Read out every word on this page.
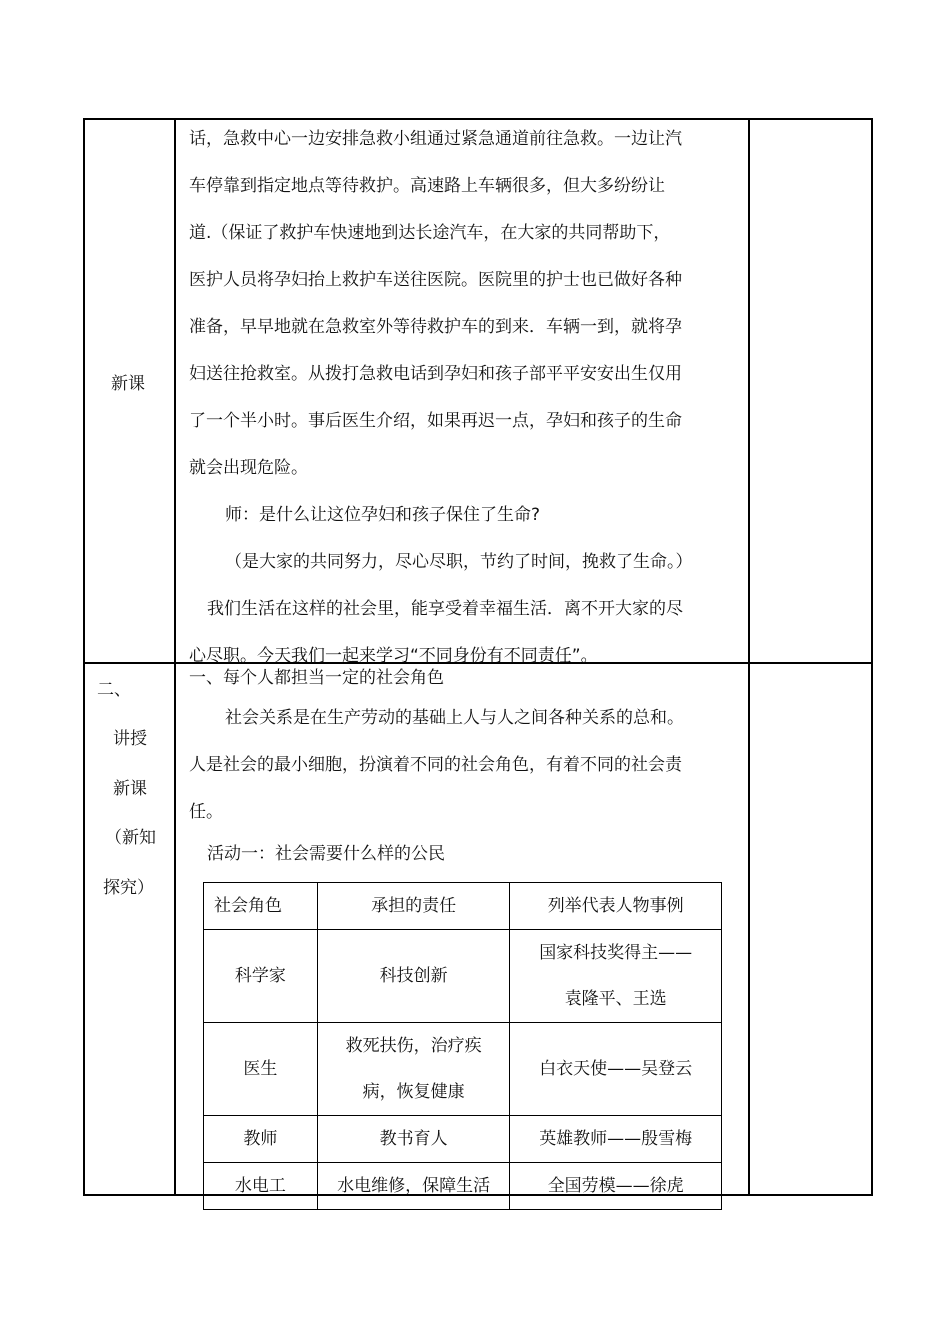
新课

话，急救中心一边安排急救小组通过紧急通道前往急救。一边让汽

车停靠到指定地点等待救护。高速路上车辆很多，但大多纷纷让

道.（保证了救护车快速地到达长途汽车，在大家的共同帮助下，

医护人员将孕妇抬上救护车送往医院。医院里的护士也已做好各种

准备，早早地就在急救室外等待救护车的到来．车辆一到，就将孕

妇送往抢救室。从拨打急救电话到孕妇和孩子部平平安安出生仅用

了一个半小时。事后医生介绍，如果再迟一点，孕妇和孩子的生命

就会出现危险。

师：是什么让这位孕妇和孩子保住了生命?

（是大家的共同努力，尽心尽职，节约了时间，挽救了生命。）

我们生活在这样的社会里，能享受着幸福生活．离不开大家的尽

心尽职。今天我们一起来学习“不同身份有不同责任”。

二、
讲授
新课
（新知
探究）
一、每个人都担当一定的社会角色

社会关系是在生产劳动的基础上人与人之间各种关系的总和。

人是社会的最小细胞，扮演着不同的社会角色，有着不同的社会责

任。

活动一：社会需要什么样的公民
社会角色	承担的责任	列举代表人物事例
科学家	科技创新	国家科技奖得主——
袁隆平、王选

医生	救死扶伤，治疗疾
病，恢复健康	白衣天使——吴登云
教师	教书育人	英雄教师——殷雪梅
水电工	水电维修，保障生活	全国劳模——徐虎
